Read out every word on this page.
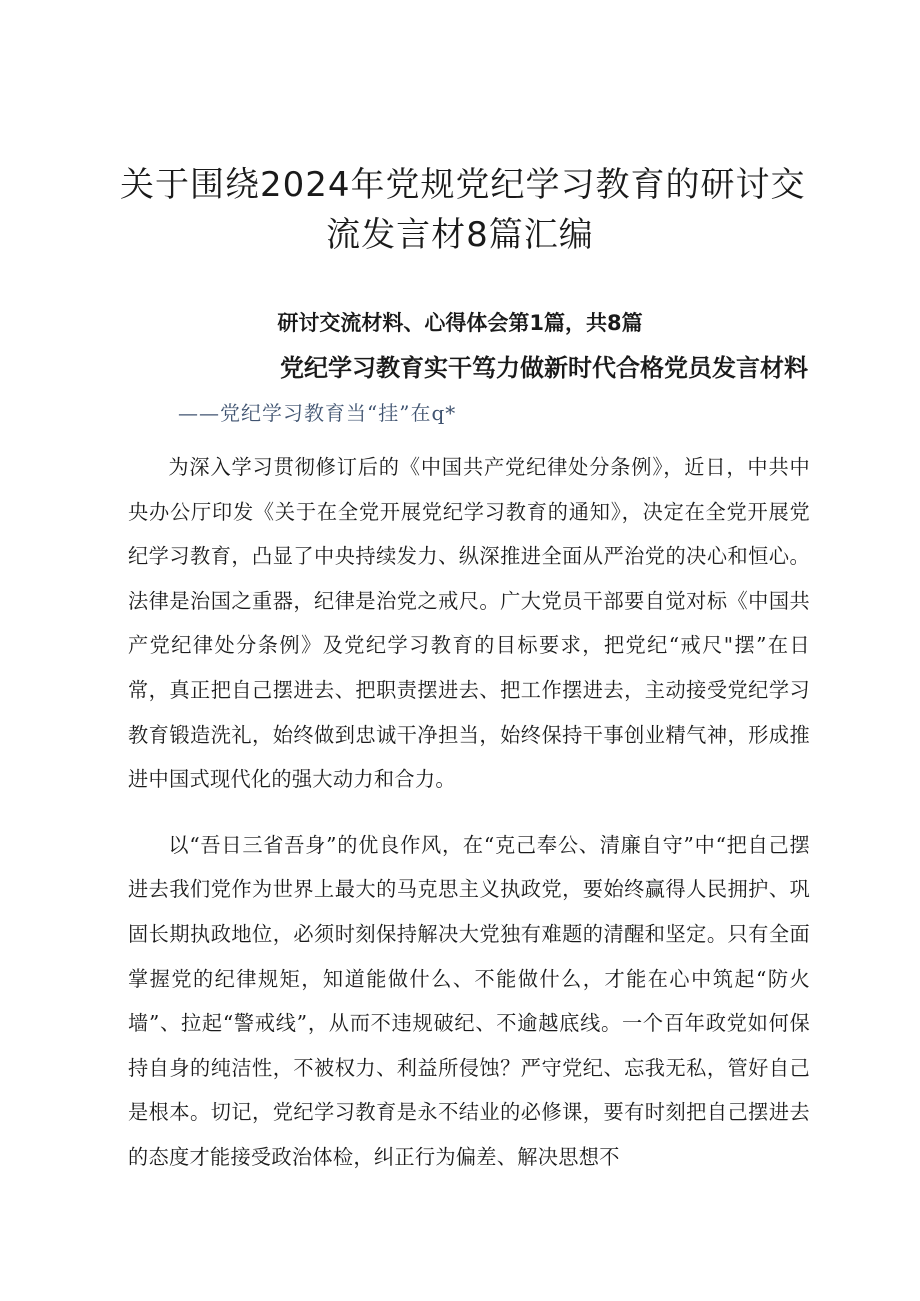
关于围绕2024年党规党纪学习教育的研讨交
流发言材8篇汇编

研讨交流材料、心得体会第1篇，共8篇

党纪学习教育实干笃力做新时代合格党员发言材料

——党纪学习教育当“挂”在q*

为深入学习贯彻修订后的《中国共产党纪律处分条例》，近日，中共中央办公厅印发《关于在全党开展党纪学习教育的通知》，决定在全党开展党纪学习教育，凸显了中央持续发力、纵深推进全面从严治党的决心和恒心。法律是治国之重器，纪律是治党之戒尺。广大党员干部要自觉对标《中国共产党纪律处分条例》及党纪学习教育的目标要求，把党纪“戒尺"摆”在日常，真正把自己摆进去、把职责摆进去、把工作摆进去，主动接受党纪学习教育锻造洗礼，始终做到忠诚干净担当，始终保持干事创业精气神，形成推进中国式现代化的强大动力和合力。

以“吾日三省吾身”的优良作风，在“克己奉公、清廉自守”中“把自己摆进去我们党作为世界上最大的马克思主义执政党，要始终赢得人民拥护、巩固长期执政地位，必须时刻保持解决大党独有难题的清醒和坚定。只有全面掌握党的纪律规矩，知道能做什么、不能做什么，才能在心中筑起“防火墙”、拉起“警戒线”，从而不违规破纪、不逾越底线。一个百年政党如何保持自身的纯洁性，不被权力、利益所侵蚀？严守党纪、忘我无私，管好自己是根本。切记，党纪学习教育是永不结业的必修课，要有时刻把自己摆进去的态度才能接受政治体检，纠正行为偏差、解决思想不
